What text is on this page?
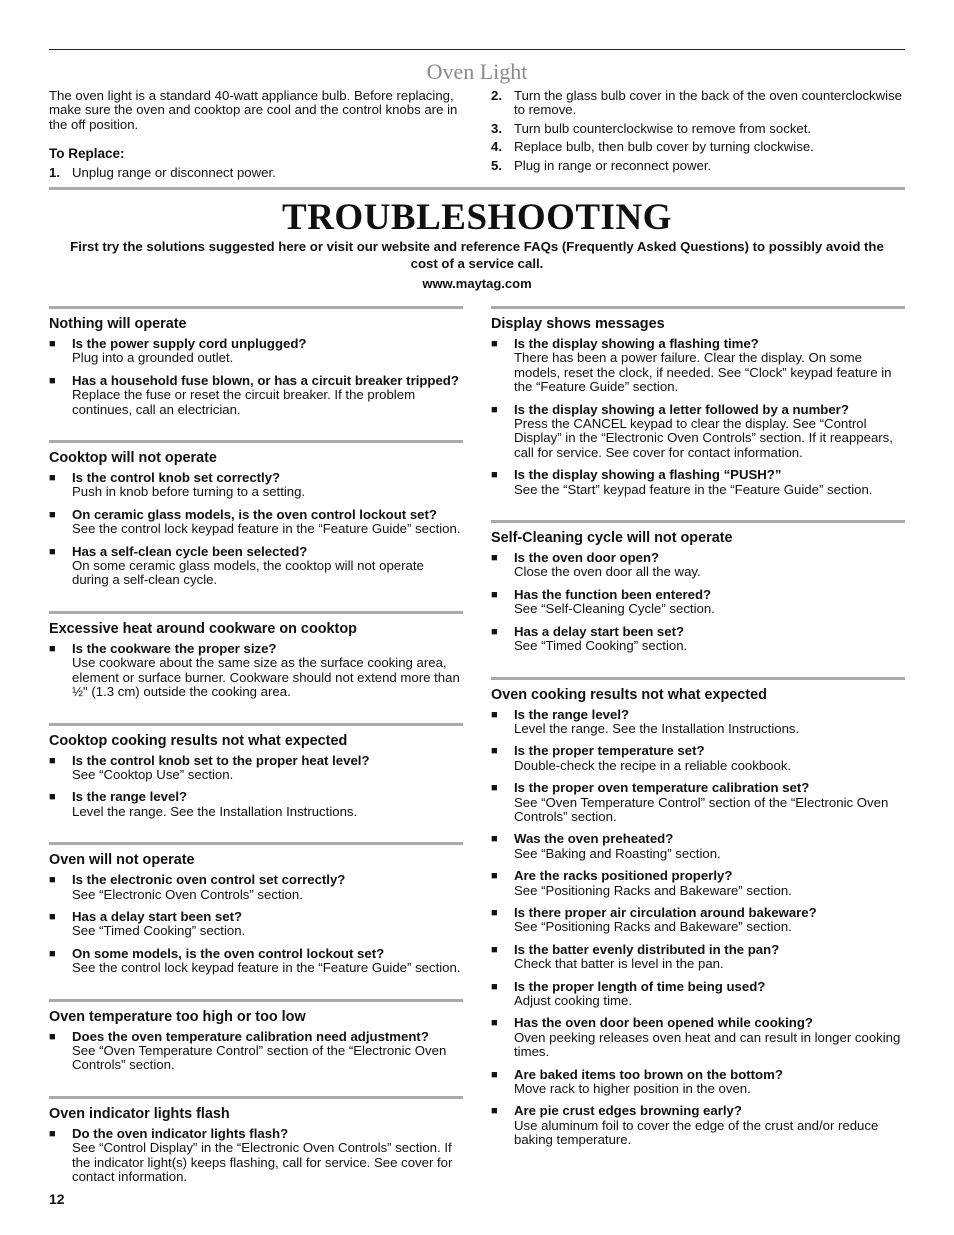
Oven Light
The oven light is a standard 40-watt appliance bulb. Before replacing, make sure the oven and cooktop are cool and the control knobs are in the off position.
To Replace:
1. Unplug range or disconnect power.
2. Turn the glass bulb cover in the back of the oven counterclockwise to remove.
3. Turn bulb counterclockwise to remove from socket.
4. Replace bulb, then bulb cover by turning clockwise.
5. Plug in range or reconnect power.
TROUBLESHOOTING
First try the solutions suggested here or visit our website and reference FAQs (Frequently Asked Questions) to possibly avoid the cost of a service call.
www.maytag.com
Nothing will operate
■	Is the power supply cord unplugged?
Plug into a grounded outlet.
■	Has a household fuse blown, or has a circuit breaker tripped?
Replace the fuse or reset the circuit breaker. If the problem continues, call an electrician.
Cooktop will not operate
■	Is the control knob set correctly?
Push in knob before turning to a setting.
■	On ceramic glass models, is the oven control lockout set?
See the control lock keypad feature in the “Feature Guide” section.
■	Has a self-clean cycle been selected?
On some ceramic glass models, the cooktop will not operate during a self-clean cycle.
Excessive heat around cookware on cooktop
■	Is the cookware the proper size?
Use cookware about the same size as the surface cooking area, element or surface burner. Cookware should not extend more than ½" (1.3 cm) outside the cooking area.
Cooktop cooking results not what expected
■	Is the control knob set to the proper heat level?
See “Cooktop Use” section.
■	Is the range level?
Level the range. See the Installation Instructions.
Oven will not operate
■	Is the electronic oven control set correctly?
See “Electronic Oven Controls” section.
■	Has a delay start been set?
See “Timed Cooking” section.
■	On some models, is the oven control lockout set?
See the control lock keypad feature in the “Feature Guide” section.
Oven temperature too high or too low
■	Does the oven temperature calibration need adjustment?
See “Oven Temperature Control” section of the “Electronic Oven Controls” section.
Oven indicator lights flash
■	Do the oven indicator lights flash?
See “Control Display” in the “Electronic Oven Controls” section. If the indicator light(s) keeps flashing, call for service. See cover for contact information.
Display shows messages
■	Is the display showing a flashing time?
There has been a power failure. Clear the display. On some models, reset the clock, if needed. See “Clock” keypad feature in the “Feature Guide” section.
■	Is the display showing a letter followed by a number?
Press the CANCEL keypad to clear the display. See “Control Display” in the “Electronic Oven Controls” section. If it reappears, call for service. See cover for contact information.
■	Is the display showing a flashing “PUSH?”
See the “Start” keypad feature in the “Feature Guide” section.
Self-Cleaning cycle will not operate
■	Is the oven door open?
Close the oven door all the way.
■	Has the function been entered?
See “Self-Cleaning Cycle” section.
■	Has a delay start been set?
See “Timed Cooking” section.
Oven cooking results not what expected
■	Is the range level?
Level the range. See the Installation Instructions.
■	Is the proper temperature set?
Double-check the recipe in a reliable cookbook.
■	Is the proper oven temperature calibration set?
See “Oven Temperature Control” section of the “Electronic Oven Controls” section.
■	Was the oven preheated?
See “Baking and Roasting” section.
■	Are the racks positioned properly?
See “Positioning Racks and Bakeware” section.
■	Is there proper air circulation around bakeware?
See “Positioning Racks and Bakeware” section.
■	Is the batter evenly distributed in the pan?
Check that batter is level in the pan.
■	Is the proper length of time being used?
Adjust cooking time.
■	Has the oven door been opened while cooking?
Oven peeking releases oven heat and can result in longer cooking times.
■	Are baked items too brown on the bottom?
Move rack to higher position in the oven.
■	Are pie crust edges browning early?
Use aluminum foil to cover the edge of the crust and/or reduce baking temperature.
12
